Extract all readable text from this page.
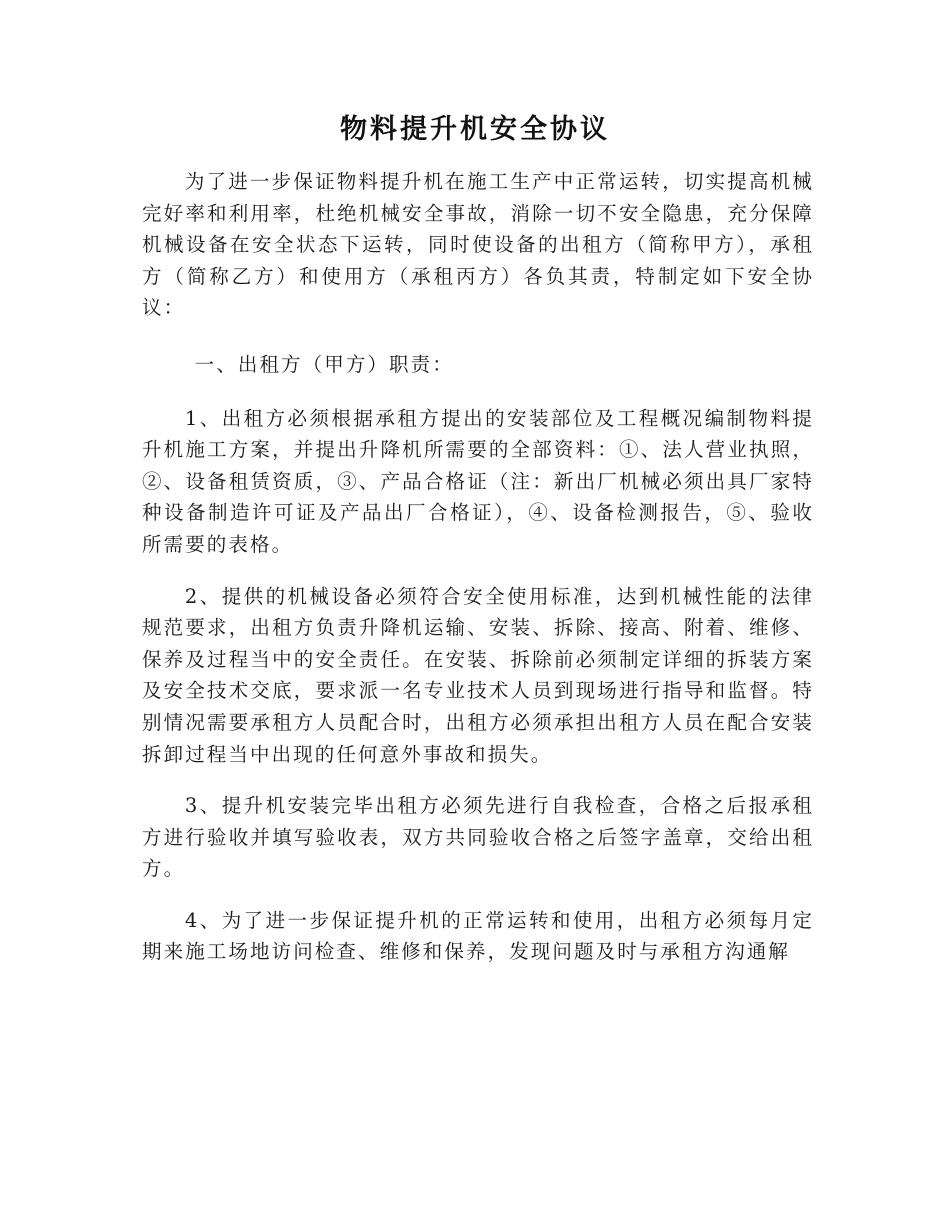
物料提升机安全协议

为了进一步保证物料提升机在施工生产中正常运转，切实提高机械完好率和利用率，杜绝机械安全事故，消除一切不安全隐患，充分保障机械设备在安全状态下运转，同时使设备的出租方（简称甲方），承租方（简称乙方）和使用方（承租丙方）各负其责，特制定如下安全协议：

一、出租方（甲方）职责：

1、出租方必须根据承租方提出的安装部位及工程概况编制物料提升机施工方案，并提出升降机所需要的全部资料：①、法人营业执照，②、设备租赁资质，③、产品合格证（注：新出厂机械必须出具厂家特种设备制造许可证及产品出厂合格证），④、设备检测报告，⑤、验收所需要的表格。

2、提供的机械设备必须符合安全使用标准，达到机械性能的法律规范要求，出租方负责升降机运输、安装、拆除、接高、附着、维修、保养及过程当中的安全责任。在安装、拆除前必须制定详细的拆装方案及安全技术交底，要求派一名专业技术人员到现场进行指导和监督。特别情况需要承租方人员配合时，出租方必须承担出租方人员在配合安装拆卸过程当中出现的任何意外事故和损失。

3、提升机安装完毕出租方必须先进行自我检查，合格之后报承租方进行验收并填写验收表，双方共同验收合格之后签字盖章，交给出租方。

4、为了进一步保证提升机的正常运转和使用，出租方必须每月定期来施工场地访问检查、维修和保养，发现问题及时与承租方沟通解
